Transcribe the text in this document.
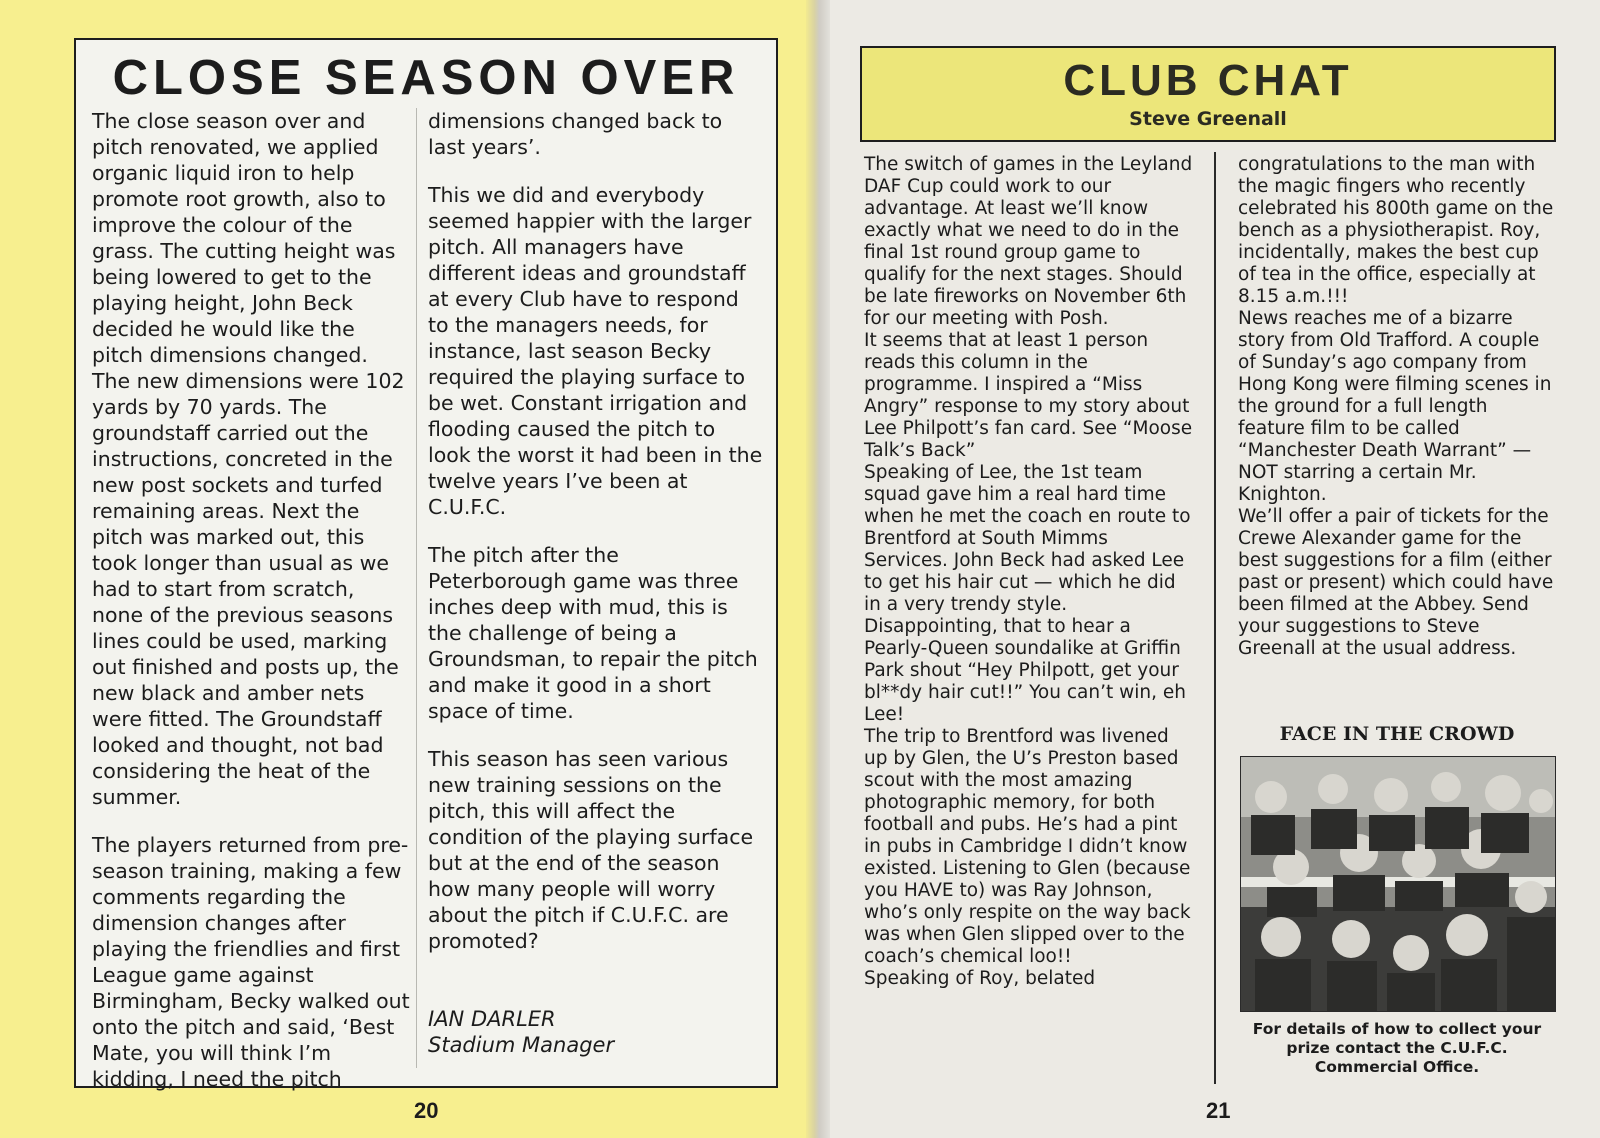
CLOSE SEASON OVER

The close season over and pitch renovated, we applied organic liquid iron to help promote root growth, also to improve the colour of the grass. The cutting height was being lowered to get to the playing height, John Beck decided he would like the pitch dimensions changed. The new dimensions were 102 yards by 70 yards. The groundstaff carried out the instructions, concreted in the new post sockets and turfed remaining areas. Next the pitch was marked out, this took longer than usual as we had to start from scratch, none of the previous seasons lines could be used, marking out finished and posts up, the new black and amber nets were fitted. The Groundstaff looked and thought, not bad considering the heat of the summer.

The players returned from pre-season training, making a few comments regarding the dimension changes after playing the friendlies and first League game against Birmingham, Becky walked out onto the pitch and said, ‘Best Mate, you will think I’m kidding, I need the pitch

dimensions changed back to last years’.

This we did and everybody seemed happier with the larger pitch. All managers have different ideas and groundstaff at every Club have to respond to the managers needs, for instance, last season Becky required the playing surface to be wet. Constant irrigation and flooding caused the pitch to look the worst it had been in the twelve years I’ve been at C.U.F.C.

The pitch after the Peterborough game was three inches deep with mud, this is the challenge of being a Groundsman, to repair the pitch and make it good in a short space of time.

This season has seen various new training sessions on the pitch, this will affect the condition of the playing surface but at the end of the season how many people will worry about the pitch if C.U.F.C. are promoted?

IAN DARLER
Stadium Manager
20
CLUB CHAT
Steve Greenall

The switch of games in the Leyland DAF Cup could work to our advantage. At least we’ll know exactly what we need to do in the final 1st round group game to qualify for the next stages. Should be late fireworks on November 6th for our meeting with Posh.

It seems that at least 1 person reads this column in the programme. I inspired a “Miss Angry” response to my story about Lee Philpott’s fan card. See “Moose Talk’s Back”

Speaking of Lee, the 1st team squad gave him a real hard time when he met the coach en route to Brentford at South Mimms Services. John Beck had asked Lee to get his hair cut — which he did in a very trendy style. Disappointing, that to hear a Pearly-Queen soundalike at Griffin Park shout “Hey Philpott, get your bl**dy hair cut!!” You can’t win, eh Lee!

The trip to Brentford was livened up by Glen, the U’s Preston based scout with the most amazing photographic memory, for both football and pubs. He’s had a pint in pubs in Cambridge I didn’t know existed. Listening to Glen (because you HAVE to) was Ray Johnson, who’s only respite on the way back was when Glen slipped over to the coach’s chemical loo!!

Speaking of Roy, belated

congratulations to the man with the magic fingers who recently celebrated his 800th game on the bench as a physiotherapist. Roy, incidentally, makes the best cup of tea in the office, especially at 8.15 a.m.!!!

News reaches me of a bizarre story from Old Trafford. A couple of Sunday’s ago company from Hong Kong were filming scenes in the ground for a full length feature film to be called “Manchester Death Warrant” — NOT starring a certain Mr. Knighton.

We’ll offer a pair of tickets for the Crewe Alexander game for the best suggestions for a film (either past or present) which could have been filmed at the Abbey. Send your suggestions to Steve Greenall at the usual address.

FACE IN THE CROWD
For details of how to collect your prize contact the C.U.F.C. Commercial Office.
21
